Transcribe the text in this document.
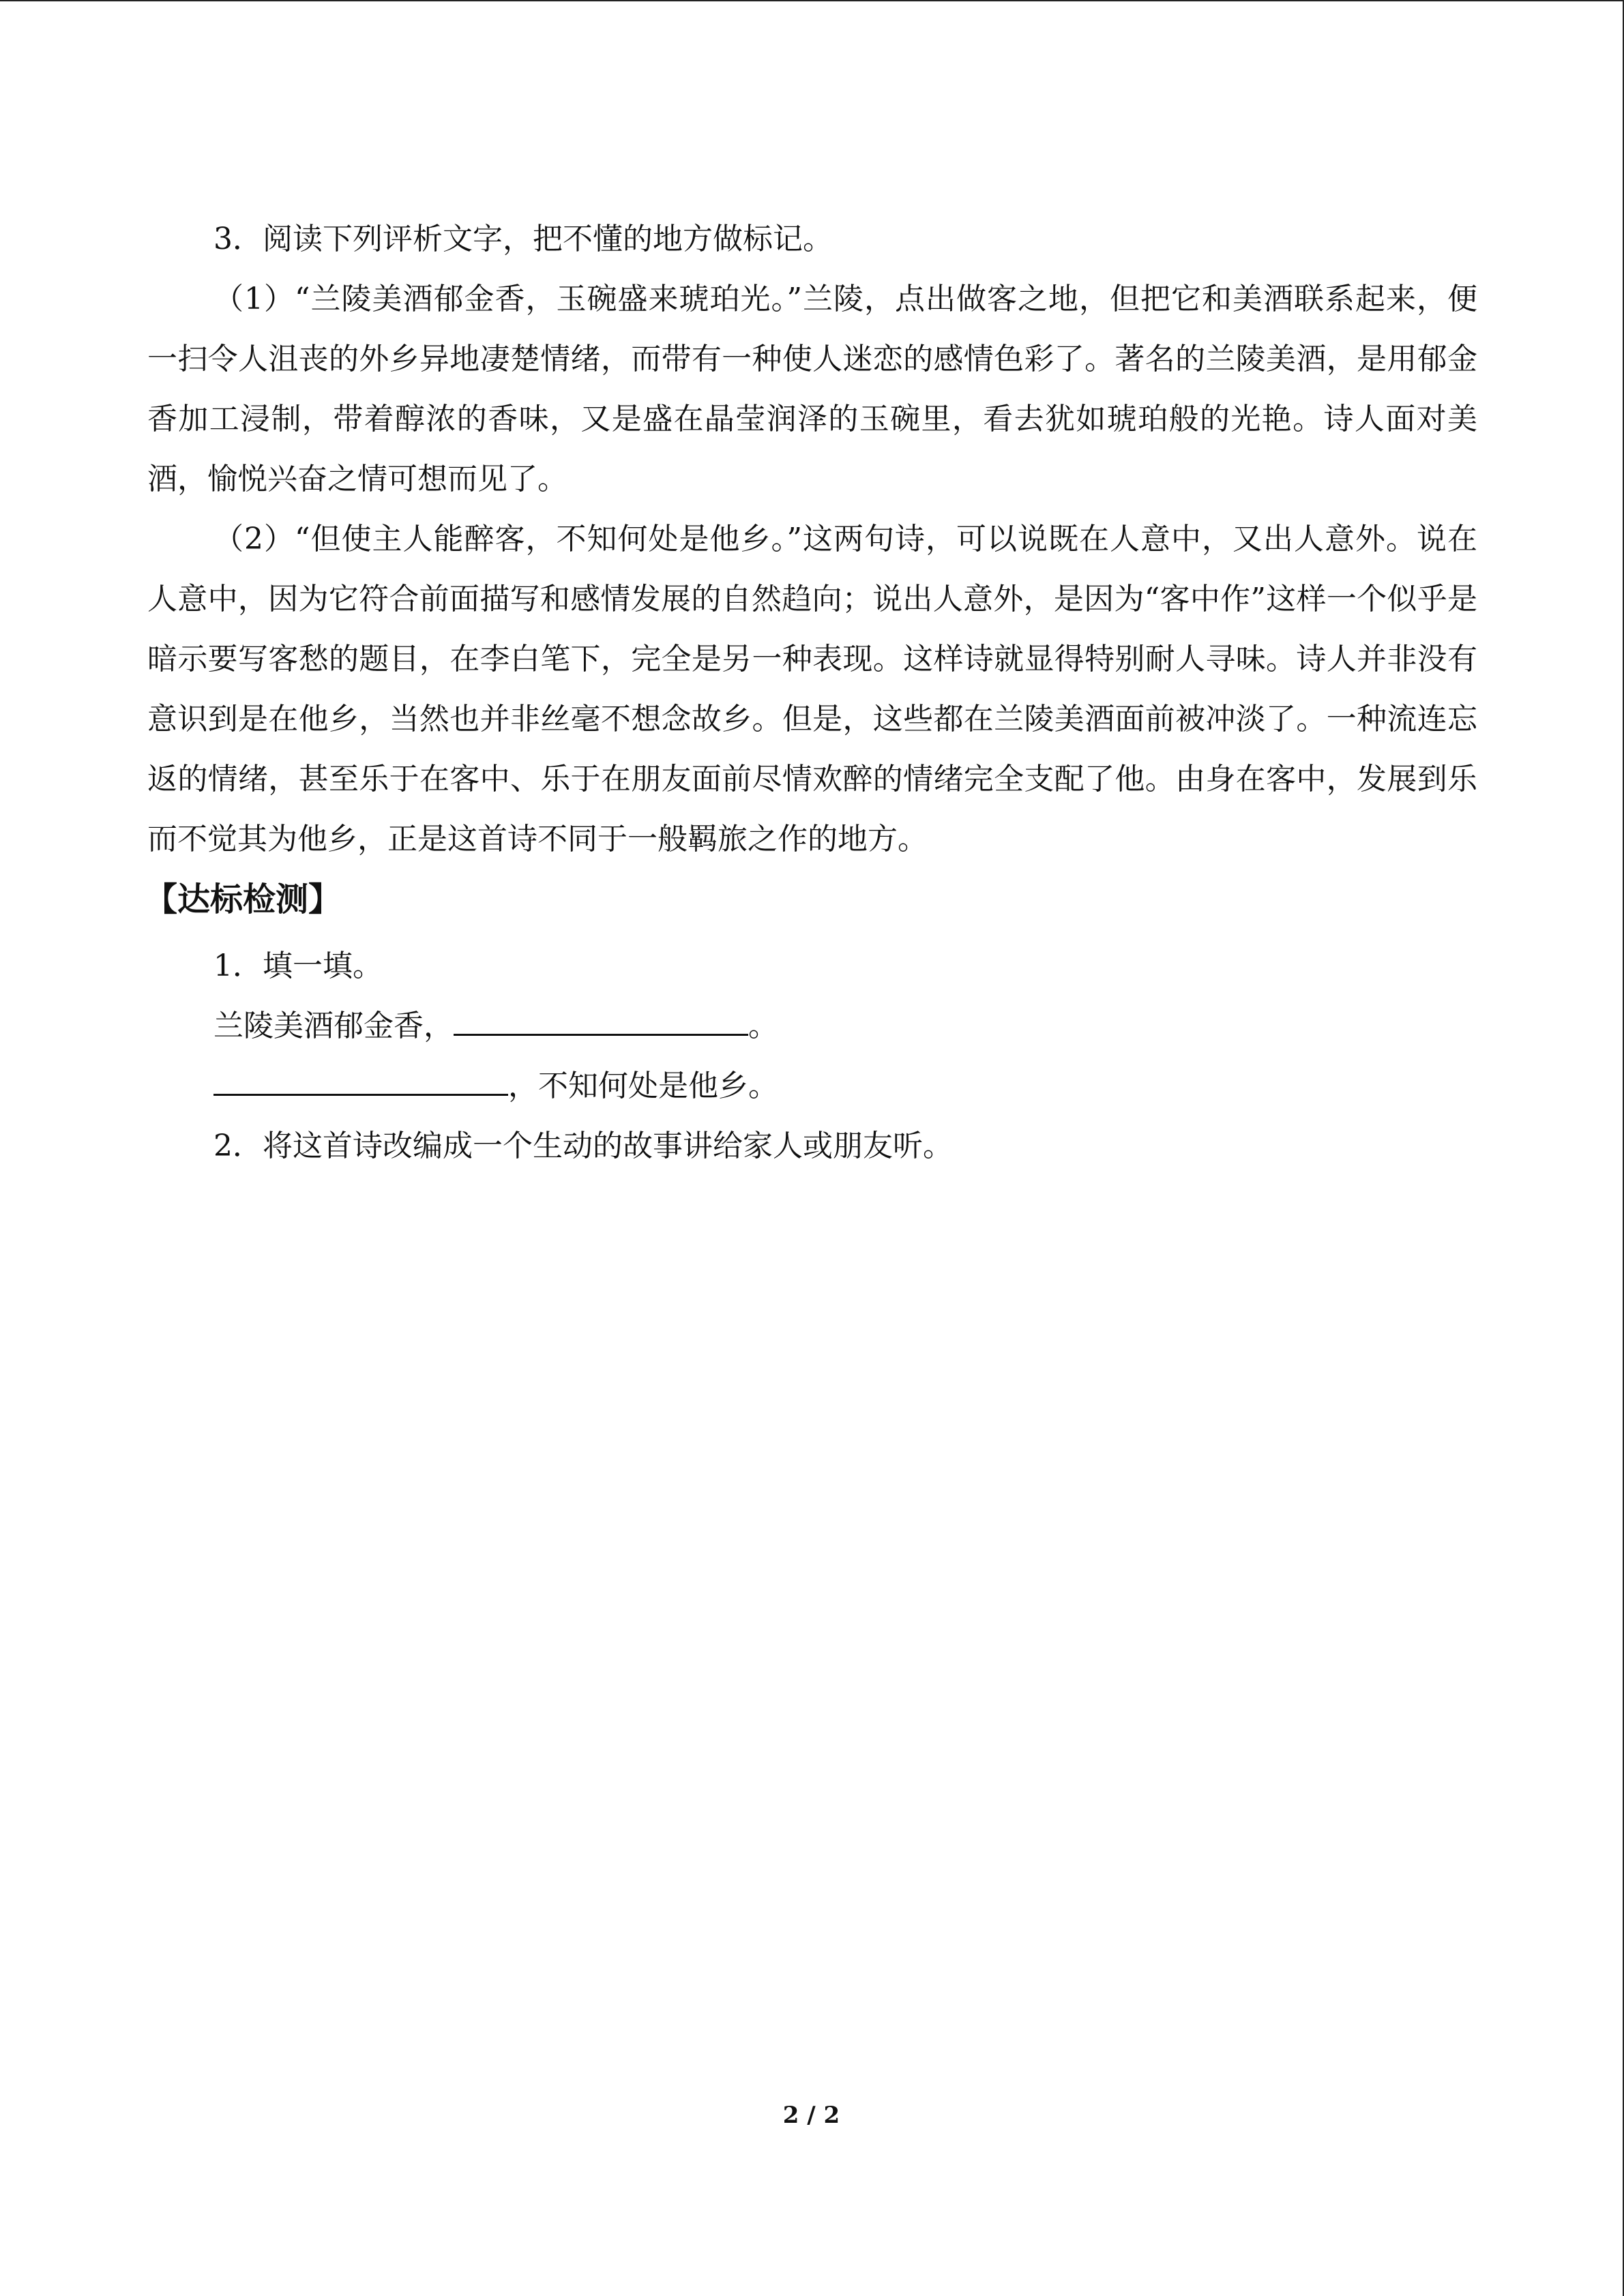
3．阅读下列评析文字，把不懂的地方做标记。

（1）“兰陵美酒郁金香，玉碗盛来琥珀光。”兰陵，点出做客之地，但把它和美酒联系起来，便一扫令人沮丧的外乡异地凄楚情绪，而带有一种使人迷恋的感情色彩了。著名的兰陵美酒，是用郁金香加工浸制，带着醇浓的香味，又是盛在晶莹润泽的玉碗里，看去犹如琥珀般的光艳。诗人面对美酒，愉悦兴奋之情可想而见了。

（2）“但使主人能醉客，不知何处是他乡。”这两句诗，可以说既在人意中，又出人意外。说在人意中，因为它符合前面描写和感情发展的自然趋向；说出人意外，是因为“客中作”这样一个似乎是暗示要写客愁的题目，在李白笔下，完全是另一种表现。这样诗就显得特别耐人寻味。诗人并非没有意识到是在他乡，当然也并非丝毫不想念故乡。但是，这些都在兰陵美酒面前被冲淡了。一种流连忘返的情绪，甚至乐于在客中、乐于在朋友面前尽情欢醉的情绪完全支配了他。由身在客中，发展到乐而不觉其为他乡，正是这首诗不同于一般羁旅之作的地方。

【达标检测】

1．填一填。

兰陵美酒郁金香，	。

，不知何处是他乡。

2．将这首诗改编成一个生动的故事讲给家人或朋友听。

2 / 2
